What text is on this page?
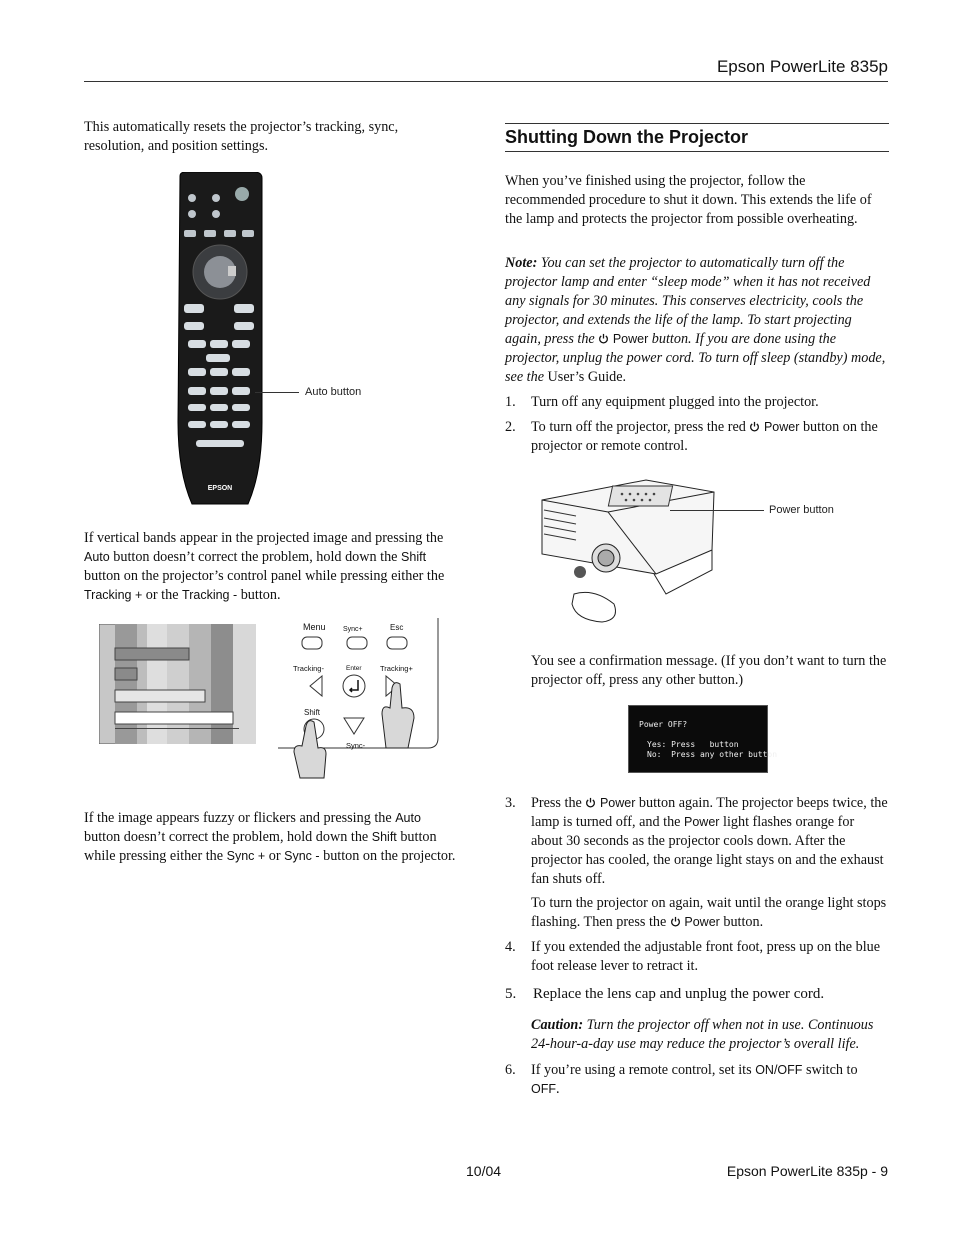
Epson PowerLite 835p
This automatically resets the projector’s tracking, sync, resolution, and position settings.
EPSON
Auto button
If vertical bands appear in the projected image and pressing the Auto button doesn’t correct the problem, hold down the Shift button on the projector’s control panel while pressing either the Tracking + or the Tracking - button.
Menu Sync+	Esc
Tracking-	Enter Tracking+
Shift
Sync-
If the image appears fuzzy or flickers and pressing the Auto button doesn’t correct the problem, hold down the Shift button while pressing either the Sync + or Sync - button on the projector.
Shutting Down the Projector
When you’ve finished using the projector, follow the recommended procedure to shut it down. This extends the life of the lamp and protects the projector from possible overheating.
Note: You can set the projector to automatically turn off the projector lamp and enter “sleep mode” when it has not received any signals for 30 minutes. This conserves electricity, cools the projector, and extends the life of the lamp. To start projecting again, press the  Power button. If you are done using the projector, unplug the power cord. To turn off sleep (standby) mode, see the User’s Guide.
1. Turn off any equipment plugged into the projector.
2. To turn off the projector, press the red  Power button on the projector or remote control.
Power button
You see a confirmation message. (If you don’t want to turn the projector off, press any other button.)
Power OFF?
Yes: Press   button
No:  Press any other button
3. Press the  Power button again. The projector beeps twice, the lamp is turned off, and the Power light flashes orange for about 30 seconds as the projector cools down. After the projector has cooled, the orange light stays on and the exhaust fan shuts off.
To turn the projector on again, wait until the orange light stops flashing. Then press the  Power button.
4. If you extended the adjustable front foot, press up on the blue foot release lever to retract it.
5. Replace the lens cap and unplug the power cord.
Caution: Turn the projector off when not in use. Continuous 24-hour-a-day use may reduce the projector’s overall life.
6. If you’re using a remote control, set its ON/OFF switch to OFF.
10/04	Epson PowerLite 835p - 9
